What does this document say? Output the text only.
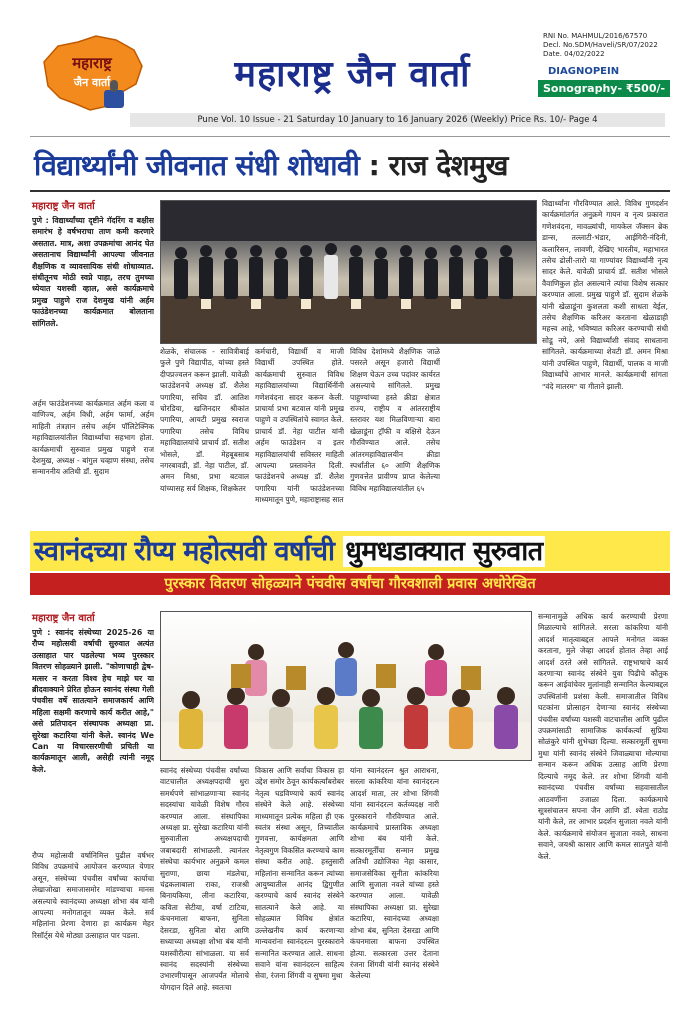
महाराष्ट्र
जैन वार्ता	महाराष्ट्र जैन वार्ता
RNI No. MAHMUL/2016/67570
Decl. No.SDM/Haveli/SR/07/2022
Date. 04/02/2022
DIAGNOPEIN
Sonography- ₹500/-
Pune Vol. 10 Issue - 21 Saturday 10 January to 16 January 2026 (Weekly) Price Rs. 10/- Page 4
विद्यार्थ्यांनी जीवनात संधी शोधावी : राज देशमुख
महाराष्ट्र जैन वार्ता
पुणे : विद्यार्थ्यांच्या दृष्टीने गॅदरिंग व बक्षीस समारंभ हे वर्षभराचा ताण कमी करणारे असतात. मात्र, अशा उपक्रमांचा आनंद घेत असतानाच विद्यार्थ्यांनी आपल्या जीवनात शैक्षणिक व व्यावसायिक संधी शोधाव्यात. संधीतूनच मोठी स्वप्ने पाहा, तरच तुमच्या ध्येयात यशस्वी व्हाल, असे कार्यक्रमाचे प्रमुख पाहुणे राज देशमुख यांनी अर्हम फाउंडेशनच्या कार्यक्रमात बोलताना सांगितले.
अर्हम फाउंडेशनच्या कार्यक्रमात अर्हम कला व वाणिज्य, अर्हम विधी, अर्हम फार्मा, अर्हम माहिती तंत्रज्ञान तसेच अर्हम पॉलिटेक्निक महाविद्यालयांतील विद्यार्थ्यांचा सहभाग होता. कार्यक्रमाची सुरुवात प्रमुख पाहुणे राज देशमुख, अध्यक्ष - बांगुल चव्हाण संस्था, तसेच सन्माननीय अतिथी डॉ. सुदाम
शेळके, संचालक - सावित्रीबाई फुले पुणे विद्यापीठ, यांच्या हस्ते दीपप्रज्वलन करून झाली. यावेळी फाउंडेशनचे अध्यक्ष डॉ. शैलेश पगारिया, सचिव डॉ. आतिश चोरडिया, खजिनदार श्रीकांत पगारिया, आयटी प्रमुख स्वराज पगारिया तसेच विविध महाविद्यालयांचे प्राचार्य डॉ. सतीश भोसले, डॉ. मेहबूबसाब नगरबावडी, डॉ. नेहा पाटील, डॉ. अमन मिश्रा, प्रभा बटवाल यांच्यासह सर्व शिक्षक, शिक्षकेतर
कर्मचारी, विद्यार्थी व माजी विद्यार्थी उपस्थित होते. कार्यक्रमाची सुरुवात विविध महाविद्यालयांच्या विद्यार्थिनींनी गणेशवंदना सादर करून केली. प्राचार्या प्रभा बटवाल यांनी प्रमुख पाहुणे व उपस्थितांचे स्वागत केले. प्राचार्य डॉ. नेहा पाटील यांनी अर्हम फाउंडेशन व इतर महाविद्यालयांची सविस्तर माहिती आपल्या प्रस्तावनेत दिली. फाउंडेशनचे अध्यक्ष डॉ. शैलेश पगारिया यांनी फाउंडेशनच्या माध्यमातून पुणे, महाराष्ट्रासह सात
विविध देशांमध्ये शैक्षणिक जाळे पसरले असून हजारो विद्यार्थी शिक्षण घेऊन उच्च पदांवर कार्यरत असल्याचे सांगितले. प्रमुख पाहुण्यांच्या हस्ते क्रीडा क्षेत्रात राज्य, राष्ट्रीय व आंतरराष्ट्रीय स्तरावर यश मिळविणाऱ्या बारा खेळाडूंना ट्रॉफी व बक्षिसे देऊन गौरविण्यात आले. तसेच आंतरमहाविद्यालयीन क्रीडा स्पर्धांतील ६० आणि शैक्षणिक गुणवत्तेत प्रावीण्य प्राप्त केलेल्या विविध महाविद्यालयांतील ६५
विद्यार्थ्यांना गौरविण्यात आले. विविध गुणदर्शन कार्यक्रमांतर्गत अनुक्रमे गायन व नृत्य प्रकारात गणेशवंदना, मावळ्यांची, मायकेल जॅक्सन ब्रेक डान्स, तल्लाटी-भंडार, आईगिरी-नंदिनी, कलारिसन, लावणी, देखिए भारतीय, महाभारत तसेच ढोली-तारो या गाण्यांवर विद्यार्थ्यांनी नृत्य सादर केले. यावेळी प्राचार्य डॉ. सतीश भोसले वैवाणिकुल होत असल्याने त्यांचा विशेष सत्कार करण्यात आला. प्रमुख पाहुणे डॉ. सुदाम शेळके यांनी खेळाडूंना कुशलता कशी साधता येईल, तसेच शैक्षणिक करिअर करताना खेळाडाही महत्त्व आहे, भविष्यात करिअर करण्याची संधी सोडू नये, असे विद्यार्थ्यांशी संवाद साधताना सांगितले. कार्यक्रमाच्या शेवटी डॉ. अमन मिश्रा यांनी उपस्थित पाहुणे, विद्यार्थी, पालक व माजी विद्यार्थ्यांचे आभार मानले. कार्यक्रमाची सांगता "वंदे मातरम" या गीताने झाली.
स्वानंदच्या रौप्य महोत्सवी वर्षाची धुमधडाक्यात सुरुवात
पुरस्कार वितरण सोहळ्याने पंचवीस वर्षांचा गौरवशाली प्रवास अधोरेखित
महाराष्ट्र जैन वार्ता
पुणे : स्वानंद संस्थेच्या 2025-26 या रौप्य महोत्सवी वर्षाची सुरुवात अत्यंत उत्साहात पार पडलेल्या भव्य पुरस्कार वितरण सोहळ्याने झाली. "कोणाचाही द्वेष-मत्सर न करता विश्व हेच माझे घर या ब्रीदवाक्याने प्रेरित होऊन स्वानंद संस्था गेली पंचवीस वर्षे सातत्याने समाजकार्य आणि महिला सक्षमी करणाचे कार्य करीत आहे," असे प्रतिपादन संस्थापक अध्यक्षा प्रा. सुरेखा कटारिया यांनी केले. स्वानंद We Can या विचारसरणीची प्रचिती या कार्यक्रमातून आली, असेही त्यांनी नमूद केले.
रौप्य महोत्सवी वर्षानिमित्त पुढील वर्षभर विविध उपक्रमांचे आयोजन करण्यात येणार असून, संस्थेच्या पंचवीस वर्षांच्या कार्याचा लेखाजोखा समाजासमोर मांडण्याचा मानस असल्याचे स्वानंदच्या अध्यक्षा शोभा बंब यांनी आपल्या मनोगतातून व्यक्त केले. सर्व महिलांना प्रेरणा देणारा हा कार्यक्रम मेहर रिसॉर्ट्स येथे मोठ्या उत्साहात पार पडला.
स्वानंद संस्थेच्या पंचवीस वर्षांच्या वाटचालीत अध्यक्षपदाची धुरा समर्थपणे सांभाळणाऱ्या स्वानंद सदस्यांचा यावेळी विशेष गौरव करण्यात आला. संस्थापिका अध्यक्षा प्रा. सुरेखा कटारिया यांनी सुरुवातीला अध्यक्षपदाची जबाबदारी सांभाळली. त्यानंतर संस्थेचा कार्यभार अनुक्रमे कमल सुराणा, छाया मंडलेचा, चंद्रकलाबाला राका, राजश्री बिनायकिया, लीना कटारिया, कविता सेटीया, वर्षा टाटिया, कंचनमाला बाफना, सुनिता देसरडा, सुनिता बोरा आणि सध्याच्या अध्यक्षा शोभा बंब यांनी यशस्वीरीत्या सांभाळला. या सर्व स्वानंद सदस्यांनी संस्थेच्या उभारणीपासून आजपर्यंत मोलाचे योगदान दिले आहे. स्वतःचा
विकास आणि सर्वांचा विकास हा उद्देश समोर ठेवून कार्यकर्त्यांबरोबर नेतृत्व घडविण्याचे कार्य स्वानंद संस्थेने केले आहे. संस्थेच्या माध्यमातून प्रत्येक महिला ही एक स्वतंत्र संस्था असून, तिच्यातील गुणवत्ता, कार्यक्षमता आणि नेतृत्वगुण विकसित करण्याचे काम संस्था करीत आहे. हस्तुसारी महिलांना सन्मानित करून त्यांच्या आयुष्यातील आनंद द्विगुणीत करण्याचे कार्य स्वानंद संस्थेने सातत्याने केले आहे. या सोहळ्यात विविध क्षेत्रांत उल्लेखनीय कार्य करणाऱ्या मान्यवरांना स्वानंदरत्न पुरस्काराने सन्मानित करण्यात आले. साधना सवाने यांना स्वानंदरत्न साहित्य सेवा, रंजना शिंगवी व सुषमा मुथा
यांना स्वानंदरत्न श्रुत आराधना, सरला कांकरिया यांना स्वानंदरत्न आदर्श माता, तर शोभा शिंगवी यांना स्वानंदरत्न कर्तव्यदक्ष नारी पुरस्काराने गौरविण्यात आले. कार्यक्रमाचे प्रास्ताविक अध्यक्षा शोभा बंब यांनी केले. सत्कारमूर्तींचा सन्मान प्रमुख अतिथी उद्योजिका नेहा कासार, समाजसेविका सुनीता कांकरिया आणि सुजाता नवले यांच्या हस्ते करण्यात आला. यावेळी संस्थापिका अध्यक्षा प्रा. सुरेखा कटारिया, स्वानंदच्या अध्यक्षा शोभा बंब, सुनिता देसरडा आणि कंचनमाला बाफना उपस्थित होत्या. सत्कारला उत्तर देताना रंजना शिंगवी यांनी स्वानंद संस्थेने केलेल्या
सन्मानामुळे अधिक कार्य करण्याची प्रेरणा मिळाल्याचे सांगितले. सरला कांकरिया यांनी आदर्श मातृत्वाबद्दल आपले मनोगत व्यक्त करताना, मुले जेव्हा आदर्श होतात तेव्हा आई आदर्श ठरते असे सांगितले. राष्ट्रभाषाचे कार्य करणाऱ्या स्वानंद संस्थेने युवा पिढीचे कौतुक करून आईवांचेवर मुलांनाही सन्मानित केल्याबद्दल उपस्थितांनी प्रशंसा केली. समाजातील विविध घटकांना प्रोत्साहन देणाऱ्या स्वानंद संस्थेच्या पंचवीस वर्षांच्या यशस्वी वाटचालीस आणि पुढील उपक्रमांसाठी सामाजिक कार्यकर्त्या सुप्रिया सोळंकुरे यांनी शुभेच्छा दिल्या. सत्कारमूर्ती सुषमा मुथा यांनी स्वानंद संस्थेने जिवाळ्याचा मोल्याचा सन्मान करून अधिक उत्साह आणि प्रेरणा दिल्याचे नमूद केले. तर शोभा शिंगवी यांनी स्वानंदच्या पंचवीस वर्षांच्या सहवासातील आठवणींना उजाळा दिला. कार्यक्रमाचे सूत्रसंचालन सपना जैन आणि डॉ. श्वेता राठोड यांनी केले, तर आभार प्रदर्शन सुजाता नवले यांनी केले. कार्यक्रमाचे संयोजन सुजाता नवले, साधना सवाने, जयश्री कासार आणि कमल सातपुते यांनी केले.
